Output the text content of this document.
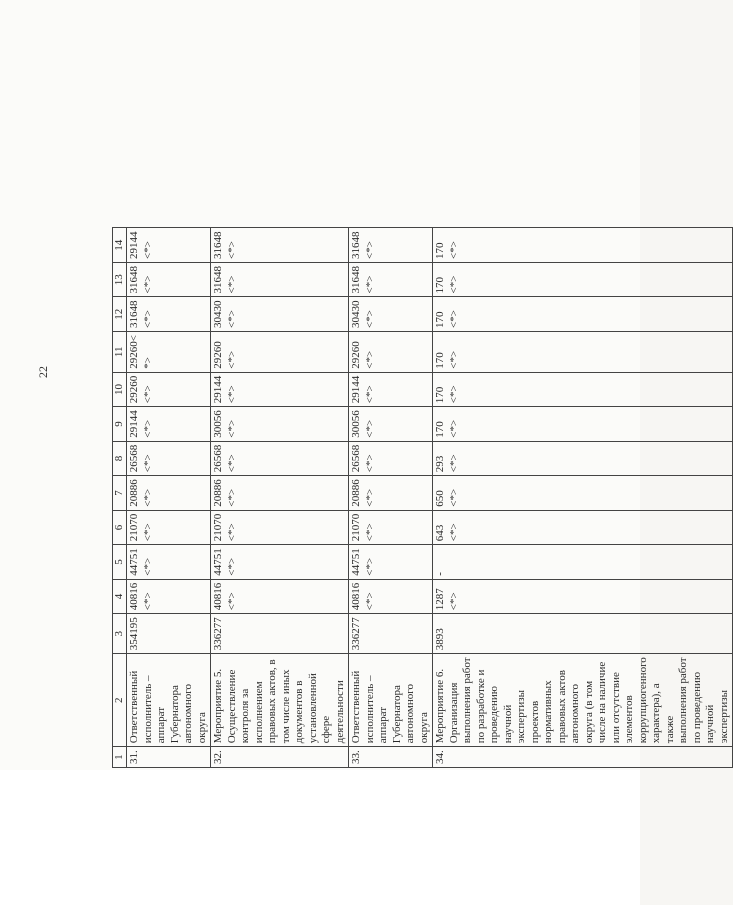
22
1	2	3	4	5	6	7	8	9	10	11	12	13	14
31.	Ответственный исполнитель – аппарат Губернатора автономного округа	354195	40816 <*>	44751 <*>	21070 <*>	20886 <*>	26568 <*>	29144 <*>	29260 <*>	29260< *>	31648 <*>	31648 <*>	29144 <*>
32.	Мероприятие 5. Осуществление контроля за исполнением правовых актов, в том числе иных документов в установленной сфере деятельности	336277	40816 <*>	44751 <*>	21070 <*>	20886 <*>	26568 <*>	30056 <*>	29144 <*>	29260 <*>	30430 <*>	31648 <*>	31648 <*>
33.	Ответственный исполнитель – аппарат Губернатора автономного округа	336277	40816 <*>	44751 <*>	21070 <*>	20886 <*>	26568 <*>	30056 <*>	29144 <*>	29260 <*>	30430 <*>	31648 <*>	31648 <*>
34.	Мероприятие 6. Организация выполнения работ по разработке и проведению научной экспертизы проектов нормативных правовых актов автономного округа (в том числе на наличие или отсутствие элементов коррупциогенного характера), а также выполнения работ по проведению научной экспертизы	3893	1287 <*>	-	643 <*>	650 <*>	293 <*>	170 <*>	170 <*>	170 <*>	170 <*>	170 <*>	170 <*>
